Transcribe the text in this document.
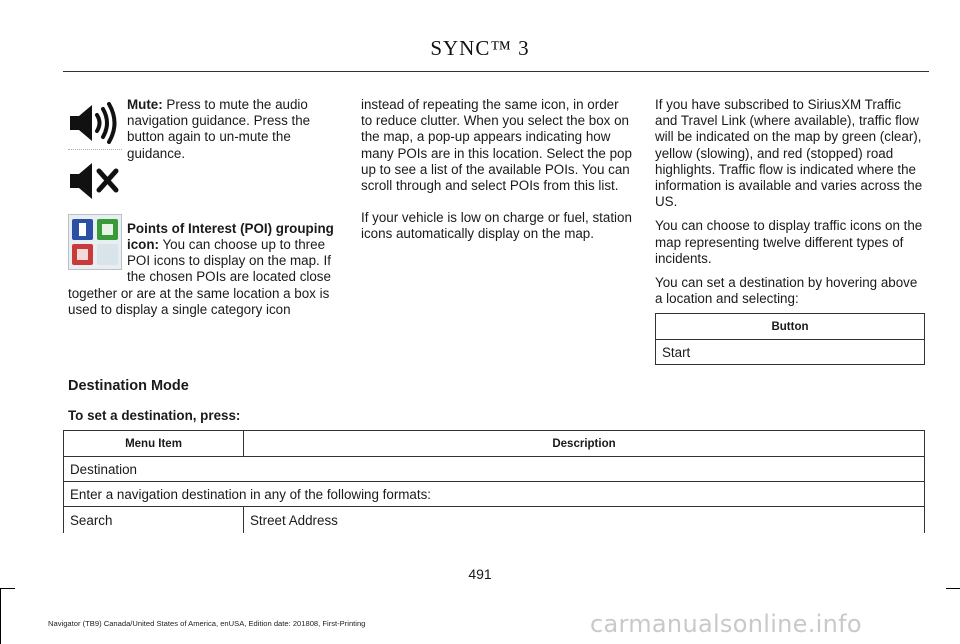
SYNC™ 3

Mute: Press to mute the audio navigation guidance. Press the button again to un-mute the guidance.

Points of Interest (POI) grouping icon: You can choose up to three POI icons to display on the map. If the chosen POIs are located close

together or are at the same location a box is used to display a single category icon

instead of repeating the same icon, in order to reduce clutter. When you select the box on the map, a pop-up appears indicating how many POIs are in this location. Select the pop up to see a list of the available POIs. You can scroll through and select POIs from this list.

If your vehicle is low on charge or fuel, station icons automatically display on the map.

If you have subscribed to SiriusXM Traffic and Travel Link (where available), traffic flow will be indicated on the map by green (clear), yellow (slowing), and red (stopped) road highlights. Traffic flow is indicated where the information is available and varies across the US.

You can choose to display traffic icons on the map representing twelve different types of incidents.

You can set a destination by hovering above a location and selecting:

Button
Start
Destination Mode
To set a destination, press:
Menu Item	Description
Destination	
Enter a navigation destination in any of the following formats:	
Search	Street Address
491
Navigator (TB9) Canada/United States of America, enUSA, Edition date: 201808, First-Printing	carmanualsonline.info
